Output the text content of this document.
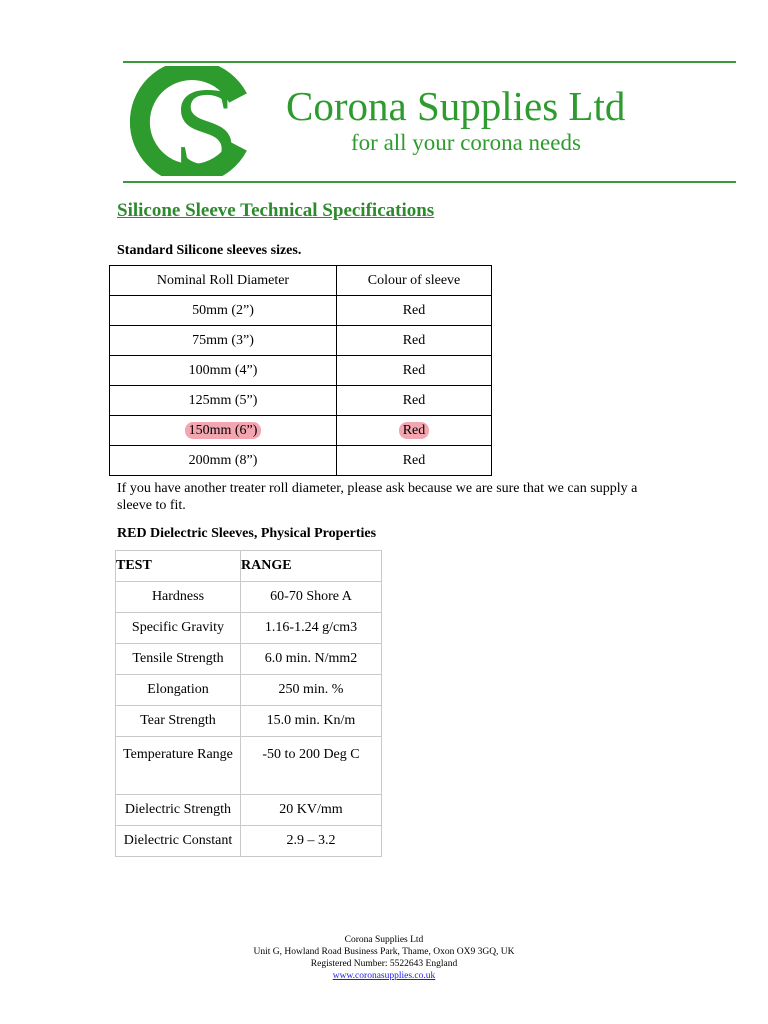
S Corona Supplies Ltd
for all your corona needs
Silicone Sleeve Technical Specifications
Standard Silicone sleeves sizes.
Nominal Roll Diameter	Colour of sleeve
50mm (2”)	Red
75mm (3”)	Red
100mm (4”)	Red
125mm (5”)	Red
150mm (6”)	Red
200mm (8”)	Red
If you have another treater roll diameter, please ask because we are sure that we can supply a sleeve to fit.
RED Dielectric Sleeves, Physical Properties
TEST	RANGE
Hardness	60-70 Shore A
Specific Gravity	1.16-1.24 g/cm3
Tensile Strength	6.0 min. N/mm2
Elongation	250 min. %
Tear Strength	15.0 min. Kn/m
Temperature Range	-50 to 200 Deg C
Dielectric Strength	20 KV/mm
Dielectric Constant	2.9 – 3.2
Corona Supplies Ltd
Unit G, Howland Road Business Park, Thame, Oxon OX9 3GQ, UK
Registered Number: 5522643 England
www.coronasupplies.co.uk
